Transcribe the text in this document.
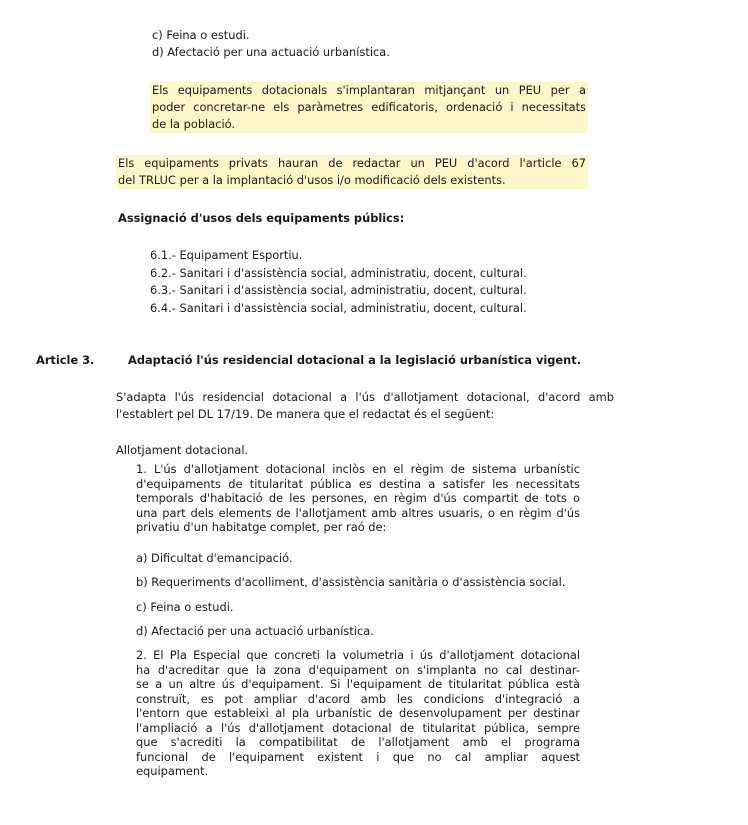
c) Feina o estudi.
d) Afectació per una actuació urbanística.
Els equipaments dotacionals s'implantaran mitjançant un PEU per a
poder concretar-ne els paràmetres edificatoris, ordenació i necessitats
de la població.
Els equipaments privats hauran de redactar un PEU d'acord l'article 67
del TRLUC per a la implantació d'usos i/o modificació dels existents.
Assignació d'usos dels equipaments públics:
6.1.- Equipament Esportiu.
6.2.- Sanitari i d'assistència social, administratiu, docent, cultural.
6.3.- Sanitari i d'assistència social, administratiu, docent, cultural.
6.4.- Sanitari i d'assistència social, administratiu, docent, cultural.
Article 3.	Adaptació l'ús residencial dotacional a la legislació urbanística vigent.
S'adapta l'ús residencial dotacional a l'ús d'allotjament dotacional, d'acord amb
l'establert pel DL 17/19. De manera que el redactat és el següent:
Allotjament dotacional.
1. L'ús d'allotjament dotacional inclòs en el règim de sistema urbanístic
d'equipaments de titularitat pública es destina a satisfer les necessitats
temporals d'habitació de les persones, en règim d'ús compartit de tots o
una part dels elements de l'allotjament amb altres usuaris, o en règim d'ús
privatiu d'un habitatge complet, per raó de:
a) Dificultat d'emancipació.
b) Requeriments d'acolliment, d'assistència sanitària o d'assistència social.
c) Feina o estudi.
d) Afectació per una actuació urbanística.
2. El Pla Especial que concreti la volumetria i ús d'allotjament dotacional
ha d'acreditar que la zona d'equipament on s'implanta no cal destinar-
se a un altre ús d'equipament. Si l'equipament de titularitat pública està
construït, es pot ampliar d'acord amb les condicions d'integració a
l'entorn que estableixi al pla urbanístic de desenvolupament per destinar
l'ampliació a l'ús d'allotjament dotacional de titularitat pública, sempre
que s'acrediti la compatibilitat de l'allotjament amb el programa
funcional de l'equipament existent i que no cal ampliar aquest
equipament.
